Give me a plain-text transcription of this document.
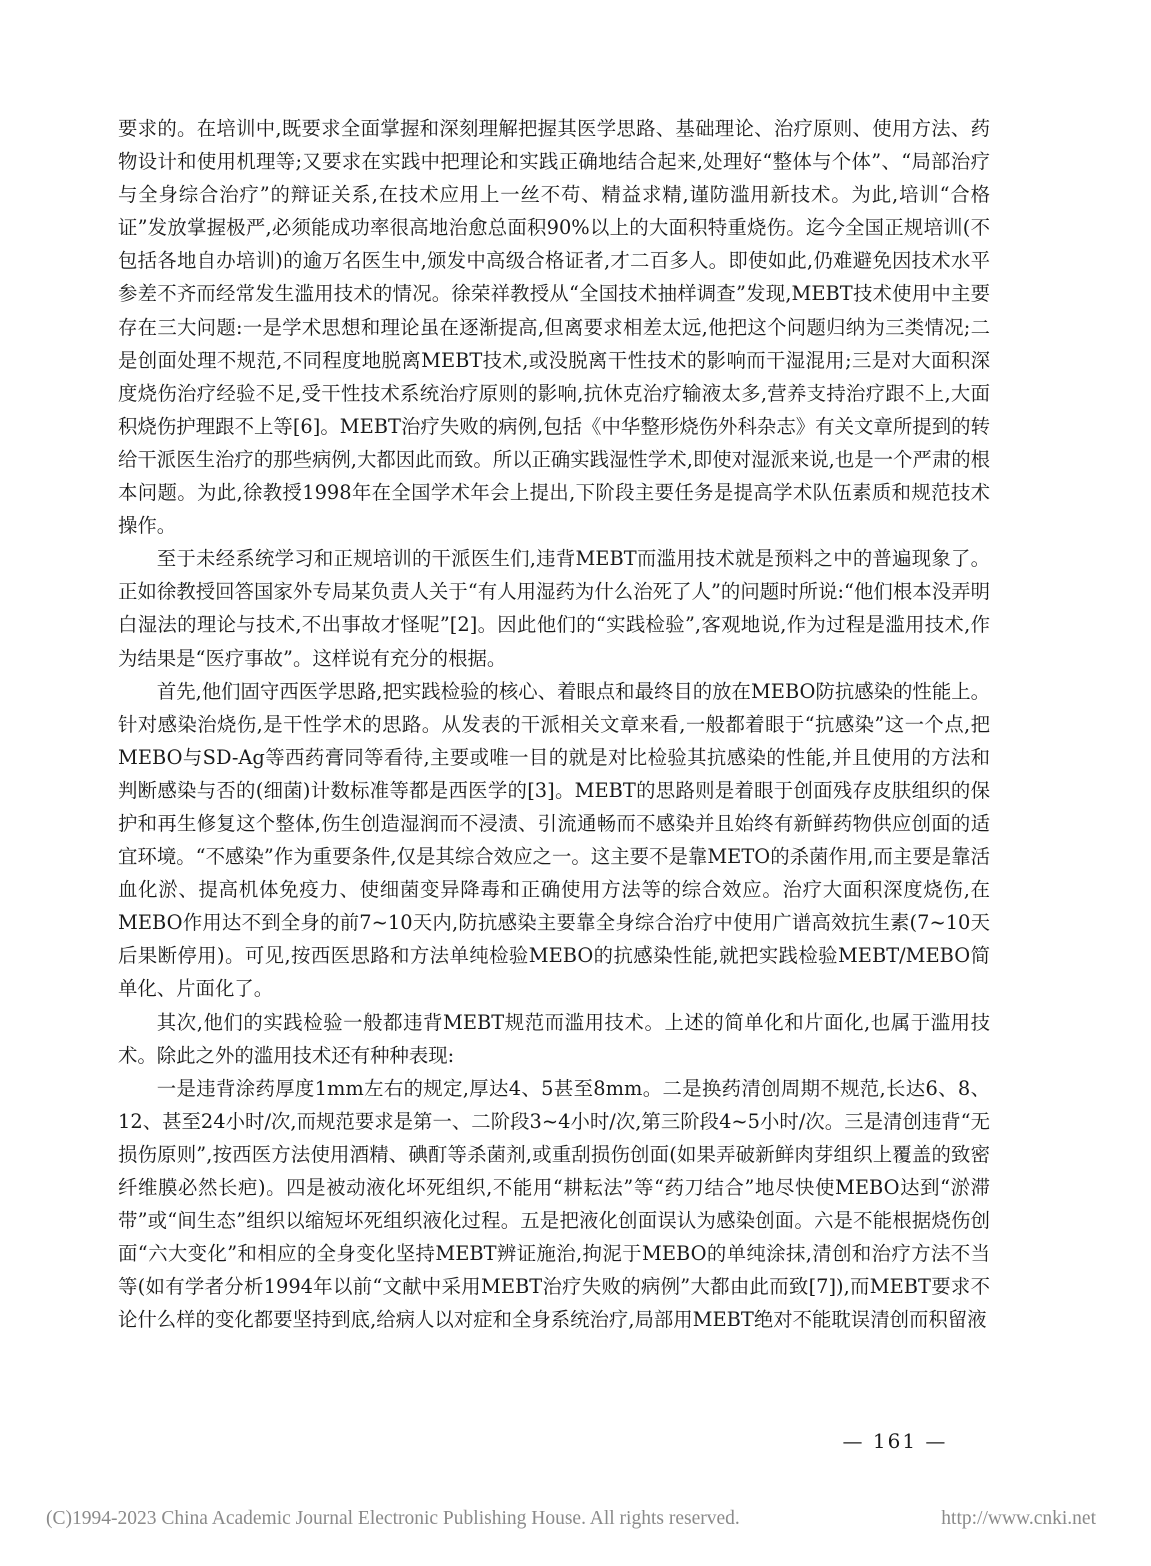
要求的。在培训中,既要求全面掌握和深刻理解把握其医学思路、基础理论、治疗原则、使用方法、药物设计和使用机理等;又要求在实践中把理论和实践正确地结合起来,处理好“整体与个体”、“局部治疗与全身综合治疗”的辩证关系,在技术应用上一丝不苟、精益求精,谨防滥用新技术。为此,培训“合格证”发放掌握极严,必须能成功率很高地治愈总面积90%以上的大面积特重烧伤。迄今全国正规培训(不包括各地自办培训)的逾万名医生中,颁发中高级合格证者,才二百多人。即使如此,仍难避免因技术水平参差不齐而经常发生滥用技术的情况。徐荣祥教授从“全国技术抽样调查”发现,MEBT技术使用中主要存在三大问题:一是学术思想和理论虽在逐渐提高,但离要求相差太远,他把这个问题归纳为三类情况;二是创面处理不规范,不同程度地脱离MEBT技术,或没脱离干性技术的影响而干湿混用;三是对大面积深度烧伤治疗经验不足,受干性技术系统治疗原则的影响,抗休克治疗输液太多,营养支持治疗跟不上,大面积烧伤护理跟不上等[6]。MEBT治疗失败的病例,包括《中华整形烧伤外科杂志》有关文章所提到的转给干派医生治疗的那些病例,大都因此而致。所以正确实践湿性学术,即使对湿派来说,也是一个严肃的根本问题。为此,徐教授1998年在全国学术年会上提出,下阶段主要任务是提高学术队伍素质和规范技术操作。

至于未经系统学习和正规培训的干派医生们,违背MEBT而滥用技术就是预料之中的普遍现象了。正如徐教授回答国家外专局某负责人关于“有人用湿药为什么治死了人”的问题时所说:“他们根本没弄明白湿法的理论与技术,不出事故才怪呢”[2]。因此他们的“实践检验”,客观地说,作为过程是滥用技术,作为结果是“医疗事故”。这样说有充分的根据。

首先,他们固守西医学思路,把实践检验的核心、着眼点和最终目的放在MEBO防抗感染的性能上。针对感染治烧伤,是干性学术的思路。从发表的干派相关文章来看,一般都着眼于“抗感染”这一个点,把MEBO与SD-Ag等西药膏同等看待,主要或唯一目的就是对比检验其抗感染的性能,并且使用的方法和判断感染与否的(细菌)计数标准等都是西医学的[3]。MEBT的思路则是着眼于创面残存皮肤组织的保护和再生修复这个整体,伤生创造湿润而不浸渍、引流通畅而不感染并且始终有新鲜药物供应创面的适宜环境。“不感染”作为重要条件,仅是其综合效应之一。这主要不是靠METO的杀菌作用,而主要是靠活血化淤、提高机体免疫力、使细菌变异降毒和正确使用方法等的综合效应。治疗大面积深度烧伤,在MEBO作用达不到全身的前7~10天内,防抗感染主要靠全身综合治疗中使用广谱高效抗生素(7~10天后果断停用)。可见,按西医思路和方法单纯检验MEBO的抗感染性能,就把实践检验MEBT/MEBO简单化、片面化了。

其次,他们的实践检验一般都违背MEBT规范而滥用技术。上述的简单化和片面化,也属于滥用技术。除此之外的滥用技术还有种种表现:

一是违背涂药厚度1mm左右的规定,厚达4、5甚至8mm。二是换药清创周期不规范,长达6、8、12、甚至24小时/次,而规范要求是第一、二阶段3~4小时/次,第三阶段4~5小时/次。三是清创违背“无损伤原则”,按西医方法使用酒精、碘酊等杀菌剂,或重刮损伤创面(如果弄破新鲜肉芽组织上覆盖的致密纤维膜必然长疤)。四是被动液化坏死组织,不能用“耕耘法”等“药刀结合”地尽快使MEBO达到“淤滞带”或“间生态”组织以缩短坏死组织液化过程。五是把液化创面误认为感染创面。六是不能根据烧伤创面“六大变化”和相应的全身变化坚持MEBT辨证施治,拘泥于MEBO的单纯涂抹,清创和治疗方法不当等(如有学者分析1994年以前“文献中采用MEBT治疗失败的病例”大都由此而致[7]),而MEBT要求不论什么样的变化都要坚持到底,给病人以对症和全身系统治疗,局部用MEBT绝对不能耽误清创而积留液

— 161 —
(C)1994-2023 China Academic Journal Electronic Publishing House. All rights reserved.	http://www.cnki.net
